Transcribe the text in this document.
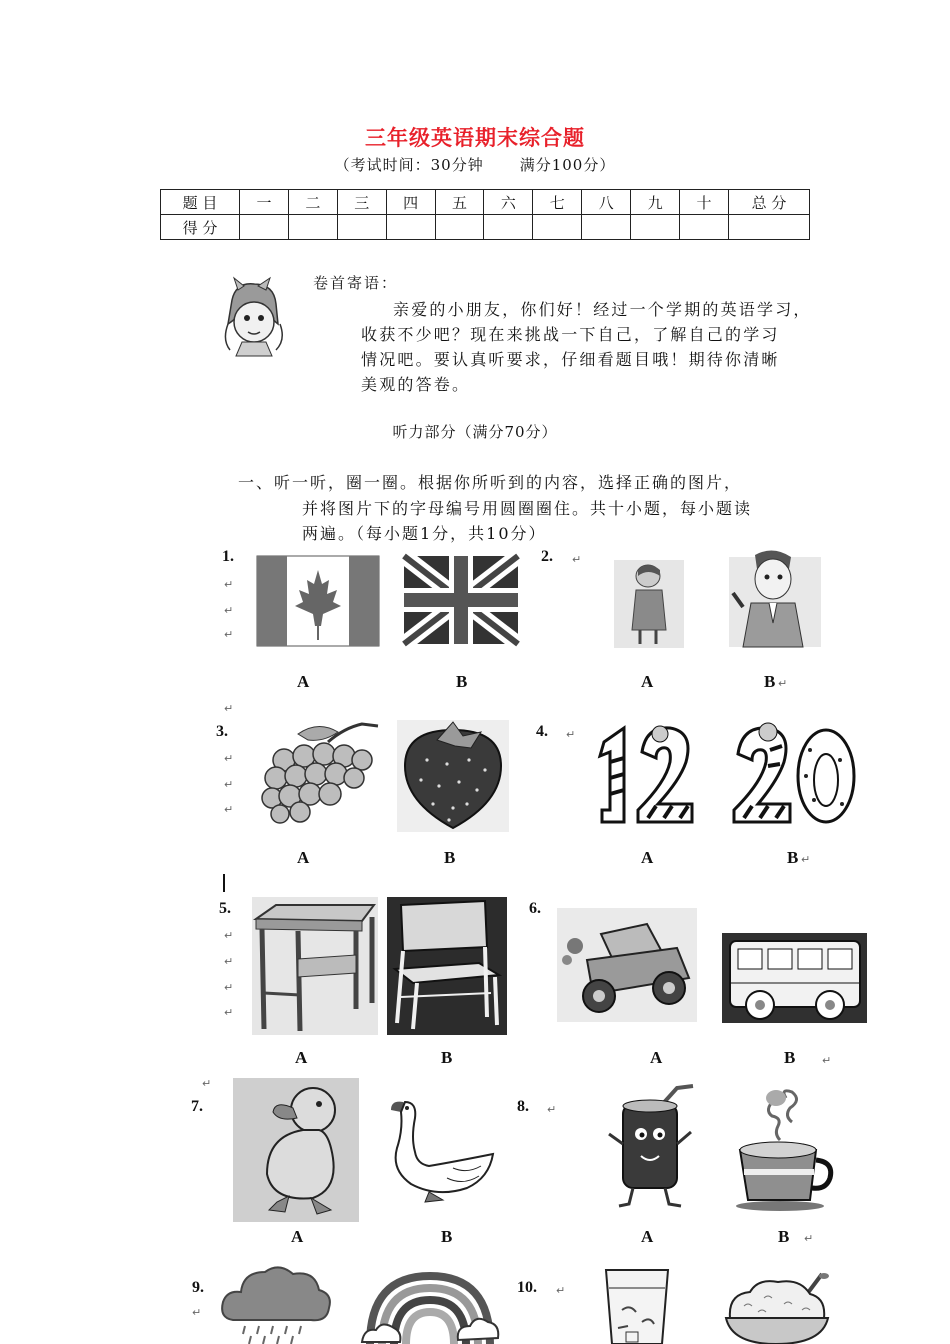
三年级英语期末综合题
（考试时间：30分钟 满分100分）
题 目	一	二	三	四	五	六	七	八	九	十	总 分
得 分											
卷首寄语：
亲爱的小朋友，你们好！经过一个学期的英语学习，
收获不少吧？现在来挑战一下自己，了解自己的学习
情况吧。要认真听要求，仔细看题目哦！期待你清晰
美观的答卷。
听力部分（满分70分）
一、听一听，圈一圈。根据你所听到的内容，选择正确的图片，
并将图片下的字母编号用圆圈圈住。共十小题，每小题读
两遍。（每小题1分，共10分）
1.
↵
↵
↵
A	B
2. ↵
A	B ↵
↵
3.
↵
↵
↵
A	B
4. ↵
A	B ↵
5.
↵
↵
↵
↵
A	B
6.
A	B ↵
↵
7.
A	B
8. ↵
A	B ↵
9.
↵
10. ↵
